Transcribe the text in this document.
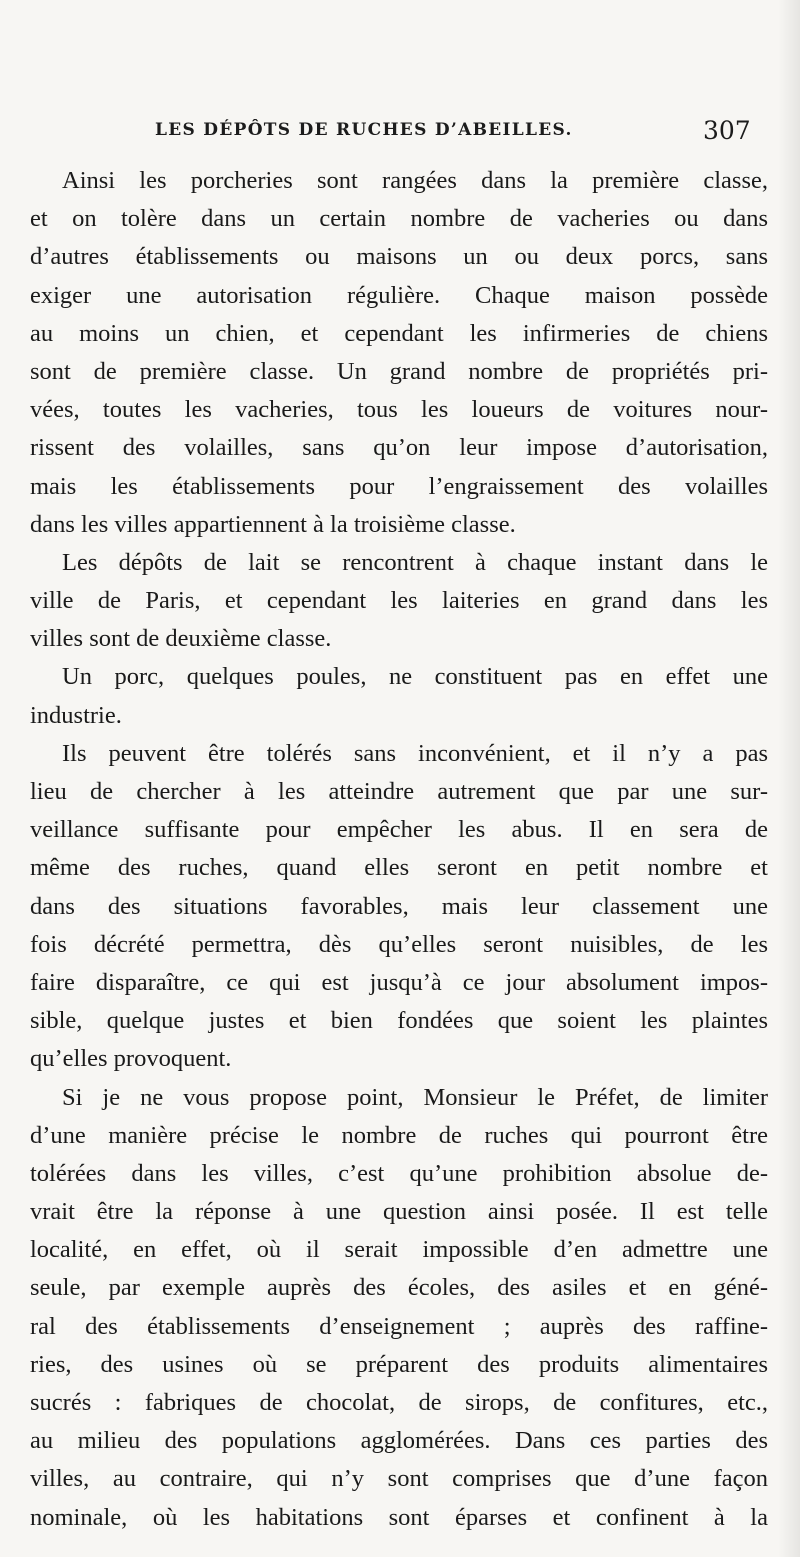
LES DÉPÔTS DE RUCHES D’ABEILLES.	307
Ainsi les porcheries sont rangées dans la première classe,
et on tolère dans un certain nombre de vacheries ou dans
d’autres établissements ou maisons un ou deux porcs, sans
exiger une autorisation régulière. Chaque maison possède
au moins un chien, et cependant les infirmeries de chiens
sont de première classe. Un grand nombre de propriétés pri-
vées, toutes les vacheries, tous les loueurs de voitures nour-
rissent des volailles, sans qu’on leur impose d’autorisation,
mais les établissements pour l’engraissement des volailles
dans les villes appartiennent à la troisième classe.
Les dépôts de lait se rencontrent à chaque instant dans le
ville de Paris, et cependant les laiteries en grand dans les
villes sont de deuxième classe.
Un porc, quelques poules, ne constituent pas en effet une
industrie.
Ils peuvent être tolérés sans inconvénient, et il n’y a pas
lieu de chercher à les atteindre autrement que par une sur-
veillance suffisante pour empêcher les abus. Il en sera de
même des ruches, quand elles seront en petit nombre et
dans des situations favorables, mais leur classement une
fois décrété permettra, dès qu’elles seront nuisibles, de les
faire disparaître, ce qui est jusqu’à ce jour absolument impos-
sible, quelque justes et bien fondées que soient les plaintes
qu’elles provoquent.
Si je ne vous propose point, Monsieur le Préfet, de limiter
d’une manière précise le nombre de ruches qui pourront être
tolérées dans les villes, c’est qu’une prohibition absolue de-
vrait être la réponse à une question ainsi posée. Il est telle
localité, en effet, où il serait impossible d’en admettre une
seule, par exemple auprès des écoles, des asiles et en géné-
ral des établissements d’enseignement ; auprès des raffine-
ries, des usines où se préparent des produits alimentaires
sucrés : fabriques de chocolat, de sirops, de confitures, etc.,
au milieu des populations agglomérées. Dans ces parties des
villes, au contraire, qui n’y sont comprises que d’une façon
nominale, où les habitations sont éparses et confinent à la
